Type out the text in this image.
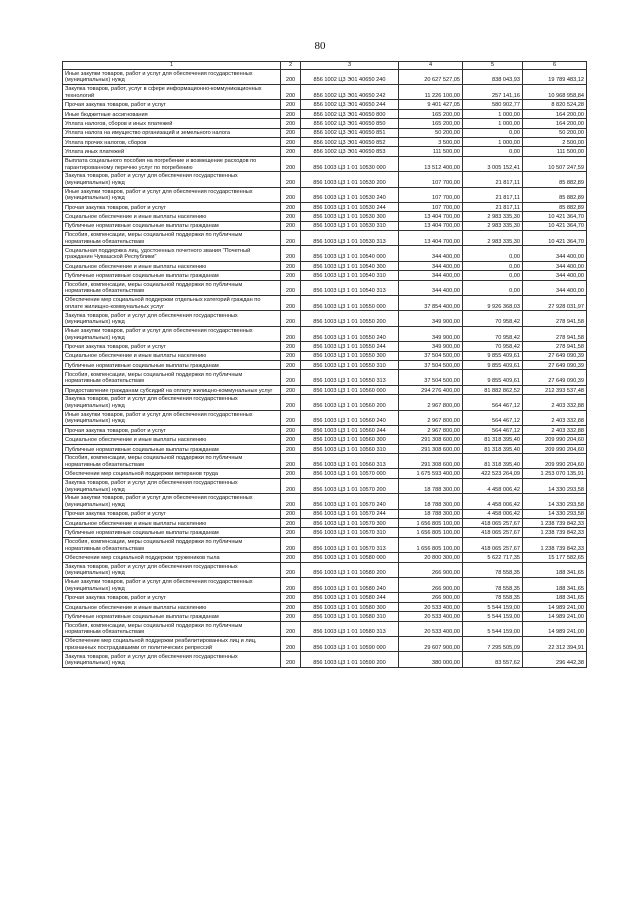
80
1	2	3	4	5	6
Иные закупки товаров, работ и услуг для обеспечения государственных (муниципальных) нужд	200	856 1002 Ц3 Э01 40650 240	20 627 527,05	838 043,93	19 789 483,12
Закупка товаров, работ, услуг в сфере информационно-коммуникационных технологий	200	856 1002 Ц3 Э01 40650 242	11 226 100,00	257 141,16	10 968 958,84
Прочая закупка товаров, работ и услуг	200	856 1002 Ц3 Э01 40650 244	9 401 427,05	580 902,77	8 820 524,28
Иные бюджетные ассигнования	200	856 1002 Ц3 Э01 40650 800	165 200,00	1 000,00	164 200,00
Уплата налогов, сборов и иных платежей	200	856 1002 Ц3 Э01 40650 850	165 200,00	1 000,00	164 200,00
Уплата налога на имущество организаций и земельного налога	200	856 1002 Ц3 Э01 40650 851	50 200,00	0,00	50 200,00
Уплата прочих налогов, сборов	200	856 1002 Ц3 Э01 40650 852	3 500,00	1 000,00	2 500,00
Уплата иных платежей	200	856 1002 Ц3 Э01 40650 853	111 500,00	0,00	111 500,00
Выплата социального пособия на погребение и возмещение расходов по гарантированному перечню услуг по погребению	200	856 1003 Ц3 1 01 10530 000	13 512 400,00	3 005 152,41	10 507 247,59
Закупка товаров, работ и услуг для обеспечения государственных (муниципальных) нужд	200	856 1003 Ц3 1 01 10530 200	107 700,00	21 817,11	85 882,89
Иные закупки товаров, работ и услуг для обеспечения государственных (муниципальных) нужд	200	856 1003 Ц3 1 01 10530 240	107 700,00	21 817,11	85 882,89
Прочая закупка товаров, работ и услуг	200	856 1003 Ц3 1 01 10530 244	107 700,00	21 817,11	85 882,89
Социальное обеспечение и иные выплаты населению	200	856 1003 Ц3 1 01 10530 300	13 404 700,00	2 983 335,30	10 421 364,70
Публичные нормативные социальные выплаты гражданам	200	856 1003 Ц3 1 01 10530 310	13 404 700,00	2 983 335,30	10 421 364,70
Пособия, компенсации, меры социальной поддержки по публичным нормативным обязательствам	200	856 1003 Ц3 1 01 10530 313	13 404 700,00	2 983 335,30	10 421 364,70
Социальная поддержка лиц, удостоенных почетного звания "Почетный гражданин Чувашской Республики"	200	856 1003 Ц3 1 01 10540 000	344 400,00	0,00	344 400,00
Социальное обеспечение и иные выплаты населению	200	856 1003 Ц3 1 01 10540 300	344 400,00	0,00	344 400,00
Публичные нормативные социальные выплаты гражданам	200	856 1003 Ц3 1 01 10540 310	344 400,00	0,00	344 400,00
Пособия, компенсации, меры социальной поддержки по публичным нормативным обязательствам	200	856 1003 Ц3 1 01 10540 313	344 400,00	0,00	344 400,00
Обеспечение мер социальной поддержки отдельных категорий граждан по оплате жилищно-коммунальных услуг	200	856 1003 Ц3 1 01 10550 000	37 854 400,00	9 926 368,03	27 928 031,97
Закупка товаров, работ и услуг для обеспечения государственных (муниципальных) нужд	200	856 1003 Ц3 1 01 10550 200	349 900,00	70 958,42	278 941,58
Иные закупки товаров, работ и услуг для обеспечения государственных (муниципальных) нужд	200	856 1003 Ц3 1 01 10550 240	349 900,00	70 958,42	278 941,58
Прочая закупка товаров, работ и услуг	200	856 1003 Ц3 1 01 10550 244	349 900,00	70 958,42	278 941,58
Социальное обеспечение и иные выплаты населению	200	856 1003 Ц3 1 01 10550 300	37 504 500,00	9 855 409,61	27 649 090,39
Публичные нормативные социальные выплаты гражданам	200	856 1003 Ц3 1 01 10550 310	37 504 500,00	9 855 409,61	27 649 090,39
Пособия, компенсации, меры социальной поддержки по публичным нормативным обязательствам	200	856 1003 Ц3 1 01 10550 313	37 504 500,00	9 855 409,61	27 649 090,39
Предоставление гражданам субсидий на оплату жилищно-коммунальных услуг	200	856 1003 Ц3 1 01 10560 000	294 276 400,00	81 882 862,52	212 393 537,48
Закупка товаров, работ и услуг для обеспечения государственных (муниципальных) нужд	200	856 1003 Ц3 1 01 10560 200	2 967 800,00	564 467,12	2 403 332,88
Иные закупки товаров, работ и услуг для обеспечения государственных (муниципальных) нужд	200	856 1003 Ц3 1 01 10560 240	2 967 800,00	564 467,12	2 403 332,88
Прочая закупка товаров, работ и услуг	200	856 1003 Ц3 1 01 10560 244	2 967 800,00	564 467,12	2 403 332,88
Социальное обеспечение и иные выплаты населению	200	856 1003 Ц3 1 01 10560 300	291 308 600,00	81 318 395,40	209 990 204,60
Публичные нормативные социальные выплаты гражданам	200	856 1003 Ц3 1 01 10560 310	291 308 600,00	81 318 395,40	209 990 204,60
Пособия, компенсации, меры социальной поддержки по публичным нормативным обязательствам	200	856 1003 Ц3 1 01 10560 313	291 308 600,00	81 318 395,40	209 990 204,60
Обеспечение мер социальной поддержки ветеранов труда	200	856 1003 Ц3 1 01 10570 000	1 675 593 400,00	422 523 264,09	1 253 070 135,91
Закупка товаров, работ и услуг для обеспечения государственных (муниципальных) нужд	200	856 1003 Ц3 1 01 10570 200	18 788 300,00	4 458 006,42	14 330 293,58
Иные закупки товаров, работ и услуг для обеспечения государственных (муниципальных) нужд	200	856 1003 Ц3 1 01 10570 240	18 788 300,00	4 458 006,42	14 330 293,58
Прочая закупка товаров, работ и услуг	200	856 1003 Ц3 1 01 10570 244	18 788 300,00	4 458 006,42	14 330 293,58
Социальное обеспечение и иные выплаты населению	200	856 1003 Ц3 1 01 10570 300	1 656 805 100,00	418 065 257,67	1 238 739 842,33
Публичные нормативные социальные выплаты гражданам	200	856 1003 Ц3 1 01 10570 310	1 656 805 100,00	418 065 257,67	1 238 739 842,33
Пособия, компенсации, меры социальной поддержки по публичным нормативным обязательствам	200	856 1003 Ц3 1 01 10570 313	1 656 805 100,00	418 065 257,67	1 238 739 842,33
Обеспечение мер социальной поддержки тружеников тыла	200	856 1003 Ц3 1 01 10580 000	20 800 300,00	5 622 717,35	15 177 582,65
Закупка товаров, работ и услуг для обеспечения государственных (муниципальных) нужд	200	856 1003 Ц3 1 01 10580 200	266 900,00	78 558,35	188 341,65
Иные закупки товаров, работ и услуг для обеспечения государственных (муниципальных) нужд	200	856 1003 Ц3 1 01 10580 240	266 900,00	78 558,35	188 341,65
Прочая закупка товаров, работ и услуг	200	856 1003 Ц3 1 01 10580 244	266 900,00	78 558,35	188 341,65
Социальное обеспечение и иные выплаты населению	200	856 1003 Ц3 1 01 10580 300	20 533 400,00	5 544 159,00	14 989 241,00
Публичные нормативные социальные выплаты гражданам	200	856 1003 Ц3 1 01 10580 310	20 533 400,00	5 544 159,00	14 989 241,00
Пособия, компенсации, меры социальной поддержки по публичным нормативным обязательствам	200	856 1003 Ц3 1 01 10580 313	20 533 400,00	5 544 159,00	14 989 241,00
Обеспечение мер социальной поддержки реабилитированных лиц и лиц, признанных пострадавшими от политических репрессий	200	856 1003 Ц3 1 01 10590 000	29 607 900,00	7 295 505,09	22 312 394,91
Закупка товаров, работ и услуг для обеспечения государственных (муниципальных) нужд	200	856 1003 Ц3 1 01 10590 200	380 000,00	83 557,62	296 442,38
